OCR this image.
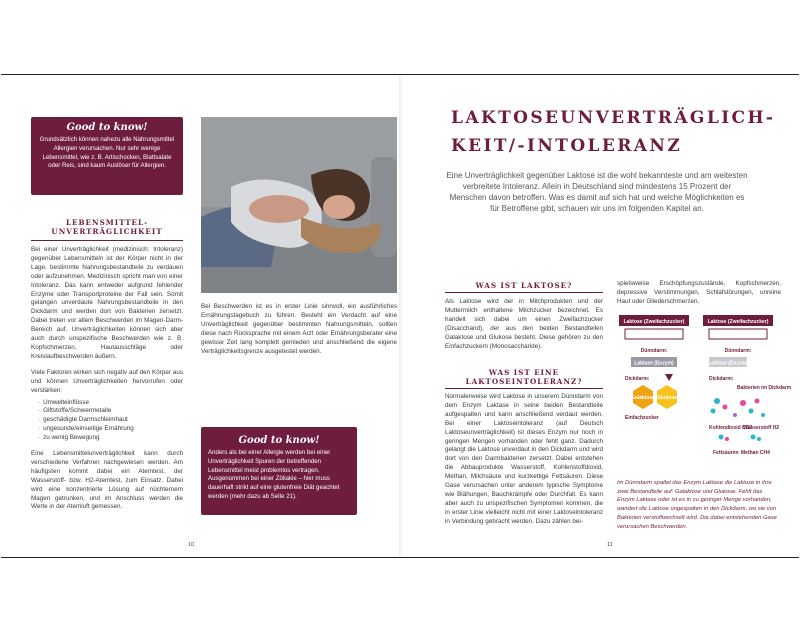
Good to know!
Grundsätzlich können nahezu alle Nahrungsmittel Allergien verursachen. Nur sehr wenige Lebensmittel, wie z. B. Artischocken, Blattsalate oder Reis, sind kaum Auslöser für Allergien.
LEBENSMITTEL-
UNVERTRÄGLICHKEIT

Bei einer Unverträglichkeit (medizinisch: Intoleranz) gegenüber Lebensmitteln ist der Körper nicht in der Lage, bestimmte Nahrungsbestandteile zu verdauen oder aufzunehmen. Medizinisch spricht man von einer Intoleranz. Das kann entweder aufgrund fehlender Enzyme oder Transportproteine der Fall sein. Somit gelangen unverdaute Nahrungsbestandteile in den Dickdarm und werden dort von Bakterien zersetzt. Dabei treten vor allem Beschwerden im Magen-Darm-Bereich auf. Unverträglichkeiten können sich aber auch durch unspezifische Beschwerden wie z. B. Kopfschmerzen, Hautausschläge oder Kreislaufbeschwerden äußern.

Viele Faktoren wirken sich negativ auf den Körper aus und können Unverträglichkeiten hervorrufen oder verstärken:

· Umwelteinflüsse
· Giftstoffe/Schwermetalle
· geschädigte Darmschleimhaut
· ungesunde/einseitige Ernährung
· zu wenig Bewegung

Eine Lebensmittelunverträglichkeit kann durch verschiedene Verfahren nachgewiesen werden. Am häufigsten kommt dabei ein Atemtest, der Wasserstoff- bzw. H2-Atemtest, zum Einsatz. Dabei wird eine konzentrierte Lösung auf nüchternem Magen getrunken, und im Anschluss werden die Werte in der Atemluft gemessen.

Bei Beschwerden ist es in erster Linie sinnvoll, ein ausführliches Ernährungstagebuch zu führen. Besteht ein Verdacht auf eine Unverträglichkeit gegenüber bestimmten Nahrungsmitteln, sollten diese nach Rücksprache mit einem Arzt oder Ernährungsberater eine gewisse Zeit lang komplett gemieden und anschließend die eigene Verträglichkeitsgrenze ausgetestet werden.

Good to know!
Anders als bei einer Allergie werden bei einer Unverträglichkeit Spuren der betreffenden Lebensmittel meist problemlos vertragen. Ausgenommen bei einer Zöliakie – hier muss dauerhaft strikt auf eine glutenfreie Diät geachtet werden (mehr dazu ab Seite 21).
10
LAKTOSEUNVERTRÄGLICH-
KEIT/-INTOLERANZ
Eine Unverträglichkeit gegenüber Laktose ist die wohl bekannteste und am weitesten verbreitete Intoleranz. Allein in Deutschland sind mindestens 15 Prozent der Menschen davon betroffen. Was es damit auf sich hat und welche Möglichkeiten es für Betroffene gibt, schauen wir uns im folgenden Kapitel an.
WAS IST LAKTOSE?

Als Laktose wird der in Milchprodukten und der Muttermilch enthaltene Milchzucker bezeichnet. Es handelt sich dabei um einen Zweifachzucker (Disaccharid), der aus den beiden Bestandteilen Galaktose und Glukose besteht. Diese gehören zu den Einfachzuckern (Monosaccharide).

WAS IST EINE
LAKTOSEINTOLERANZ?

Normalerweise wird Laktose in unserem Dünndarm von dem Enzym Laktase in seine beiden Bestandteile aufgespalten und kann anschließend verdaut werden. Bei einer Laktoseintoleranz (auf Deutsch Laktoseunverträglichkeit) ist dieses Enzym nur noch in geringen Mengen vorhanden oder fehlt ganz. Dadurch gelangt die Laktose unverdaut in den Dickdarm und wird dort von den Darmbakterien zersetzt. Dabei entstehen die Abbauprodukte Wasserstoff, Kohlenstoffdioxid, Methan, Milchsäure und kurzkettige Fettsäuren. Diese Gase verursachen unter anderem typische Symptome wie Blähungen, Bauchkrämpfe oder Durchfall. Es kann aber auch zu unspezifischen Symptomen kommen, die in erster Linie vielleicht nicht mit einer Laktoseintoleranz in Verbindung gebracht werden. Dazu zählen bei-

spielsweise Erschöpfungszustände, Kopfschmerzen, depressive Verstimmungen, Schlafstörungen, unreine Haut oder Gliederschmerzen.

Laktose (Zweifachzucker)
Dünndarm:
Laktase (Enzym)
Dickdarm:
Galaktose Glukose
Einfachzucker
Laktose (Zweifachzucker)
Dünndarm:
Laktase (Enzym)
Dickdarm:
Bakterien im Dickdarm
Kohlendioxid CO2
Wasserstoff H2
Fettsäuren Methan CH4
Im Dünndarm spaltet das Enzym Laktase die Laktose in ihre zwei Bestandteile auf: Galaktose und Glukose. Fehlt das Enzym Laktase oder ist es in zu geringer Menge vorhanden, wandert die Laktose ungespalten in den Dickdarm, wo sie von Bakterien verstoffwechselt wird. Die dabei entstehenden Gase verursachen Beschwerden.
11
